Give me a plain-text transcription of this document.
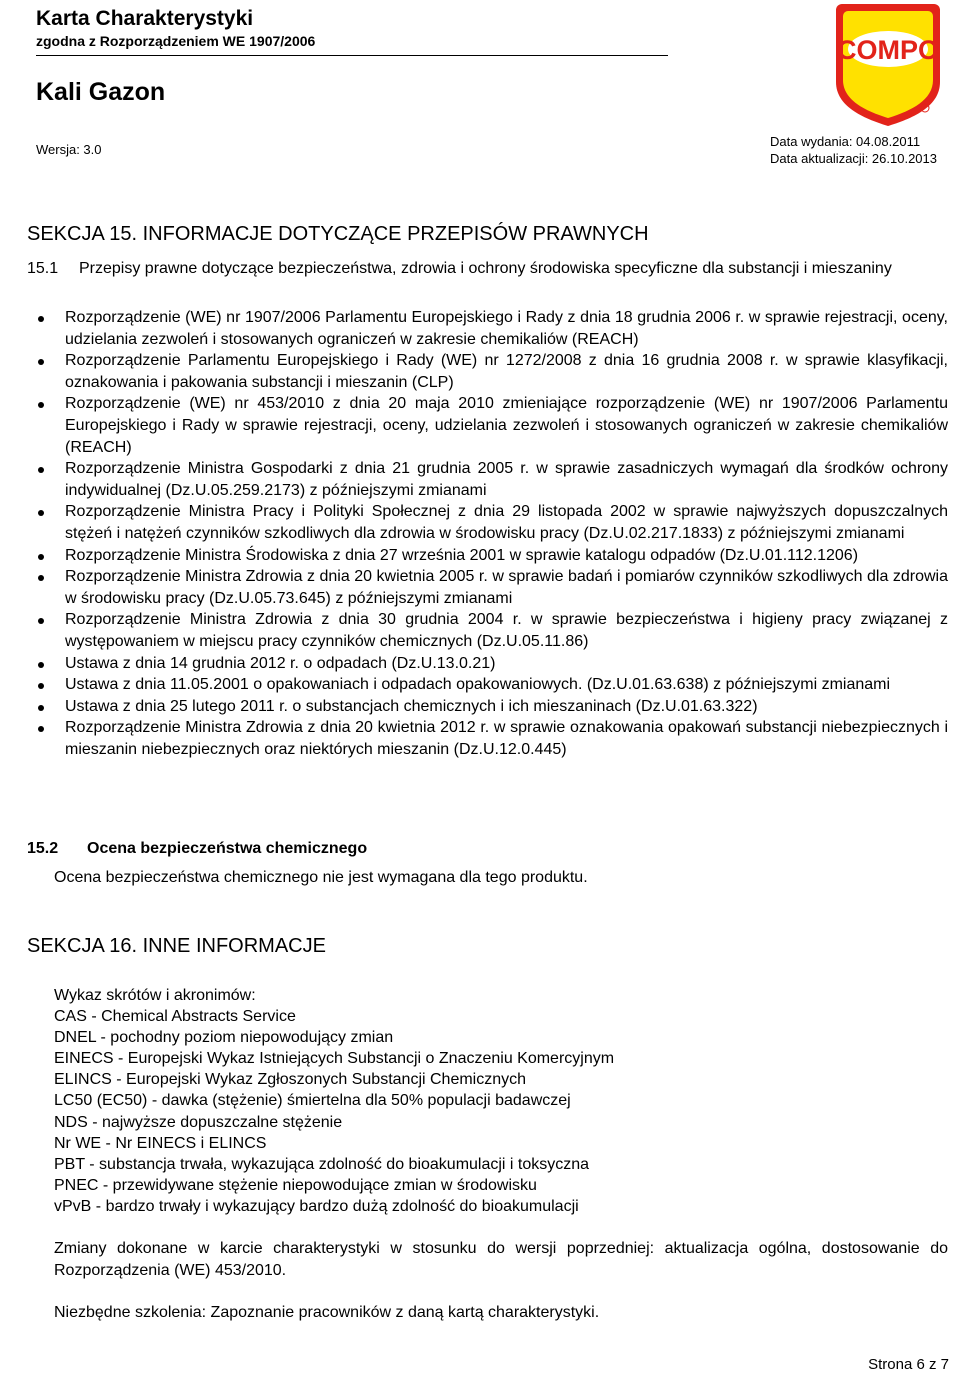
Karta Charakterystyki
zgodna z Rozporządzeniem WE 1907/2006
Kali Gazon
Wersja: 3.0
Data wydania: 04.08.2011
Data aktualizacji: 26.10.2013
COMPO
SEKCJA 15. INFORMACJE DOTYCZĄCE PRZEPISÓW PRAWNYCH
15.1 Przepisy prawne dotyczące bezpieczeństwa, zdrowia i ochrony środowiska specyficzne dla substancji i mieszaniny
Rozporządzenie (WE) nr 1907/2006 Parlamentu Europejskiego i Rady z dnia 18 grudnia 2006 r. w sprawie rejestracji, oceny, udzielania zezwoleń i stosowanych ograniczeń w zakresie chemikaliów (REACH)
Rozporządzenie Parlamentu Europejskiego i Rady (WE) nr 1272/2008 z dnia 16 grudnia 2008 r. w sprawie klasyfikacji, oznakowania i pakowania substancji i mieszanin (CLP)
Rozporządzenie (WE) nr 453/2010 z dnia 20 maja 2010 zmieniające rozporządzenie (WE) nr 1907/2006 Parlamentu Europejskiego i Rady w sprawie rejestracji, oceny, udzielania zezwoleń i stosowanych ograniczeń w zakresie chemikaliów (REACH)
Rozporządzenie Ministra Gospodarki z dnia 21 grudnia 2005 r. w sprawie zasadniczych wymagań dla środków ochrony indywidualnej (Dz.U.05.259.2173) z późniejszymi zmianami
Rozporządzenie Ministra Pracy i Polityki Społecznej z dnia 29 listopada 2002 w sprawie najwyższych dopuszczalnych stężeń i natężeń czynników szkodliwych dla zdrowia w środowisku pracy (Dz.U.02.217.1833) z późniejszymi zmianami
Rozporządzenie Ministra Środowiska z dnia 27 września 2001 w sprawie katalogu odpadów (Dz.U.01.112.1206)
Rozporządzenie Ministra Zdrowia z dnia 20 kwietnia 2005 r. w sprawie badań i pomiarów czynników szkodliwych dla zdrowia w środowisku pracy (Dz.U.05.73.645) z późniejszymi zmianami
Rozporządzenie Ministra Zdrowia z dnia 30 grudnia 2004 r. w sprawie bezpieczeństwa i higieny pracy związanej z występowaniem w miejscu pracy czynników chemicznych (Dz.U.05.11.86)
Ustawa z dnia 14 grudnia 2012 r. o odpadach (Dz.U.13.0.21)
Ustawa z dnia 11.05.2001 o opakowaniach i odpadach opakowaniowych. (Dz.U.01.63.638) z późniejszymi zmianami
Ustawa z dnia 25 lutego 2011 r. o substancjach chemicznych i ich mieszaninach (Dz.U.01.63.322)
Rozporządzenie Ministra Zdrowia z dnia 20 kwietnia 2012 r. w sprawie oznakowania opakowań substancji niebezpiecznych i mieszanin niebezpiecznych oraz niektórych mieszanin (Dz.U.12.0.445)
15.2 Ocena bezpieczeństwa chemicznego
Ocena bezpieczeństwa chemicznego nie jest wymagana dla tego produktu.
SEKCJA 16. INNE INFORMACJE
Wykaz skrótów i akronimów:
CAS - Chemical Abstracts Service
DNEL - pochodny poziom niepowodujący zmian
EINECS - Europejski Wykaz Istniejących Substancji o Znaczeniu Komercyjnym
ELINCS - Europejski Wykaz Zgłoszonych Substancji Chemicznych
LC50 (EC50) - dawka (stężenie) śmiertelna dla 50% populacji badawczej
NDS - najwyższe dopuszczalne stężenie
Nr WE - Nr EINECS i ELINCS
PBT - substancja trwała, wykazująca zdolność do bioakumulacji i toksyczna
PNEC - przewidywane stężenie niepowodujące zmian w środowisku
vPvB - bardzo trwały i wykazujący bardzo dużą zdolność do bioakumulacji
Zmiany dokonane w karcie charakterystyki w stosunku do wersji poprzedniej: aktualizacja ogólna, dostosowanie do Rozporządzenia (WE) 453/2010.
Niezbędne szkolenia: Zapoznanie pracowników z daną kartą charakterystyki.
Strona 6 z 7
